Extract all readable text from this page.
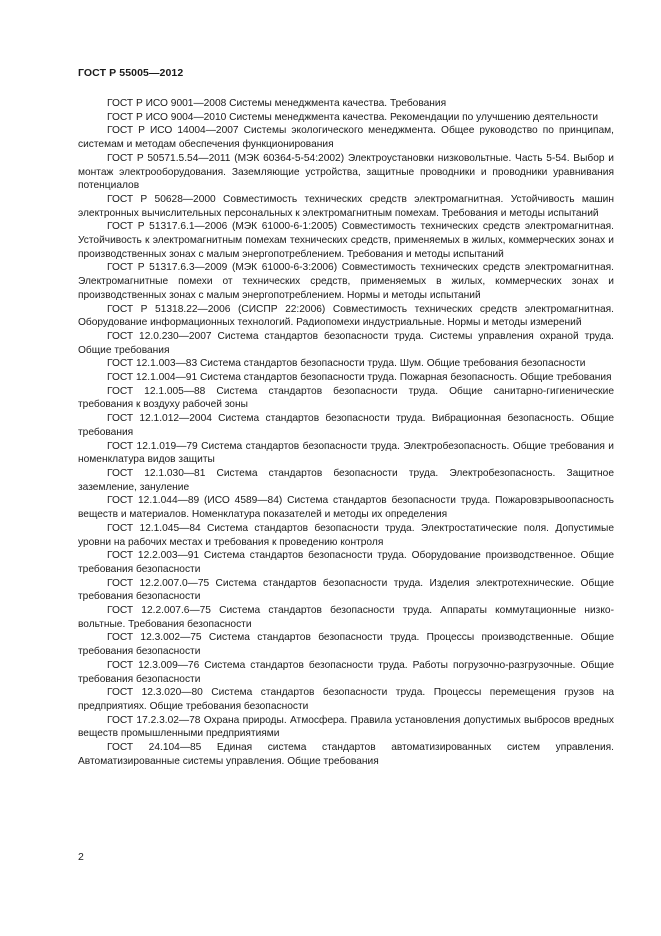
ГОСТ Р 55005—2012

ГОСТ Р ИСО 9001—2008 Системы менеджмента качества. Требования

ГОСТ Р ИСО 9004—2010 Системы менеджмента качества. Рекомендации по улучшению деятельности

ГОСТ Р ИСО 14004—2007 Системы экологического менеджмента. Общее руководство по принципам, системам и методам обеспечения функционирования

ГОСТ Р 50571.5.54—2011 (МЭК 60364-5-54:2002) Электроустановки низковольтные. Часть 5-54. Выбор и монтаж электрооборудования. Заземляющие устройства, защитные проводники и проводники уравнивания потенциалов

ГОСТ Р 50628—2000 Совместимость технических средств электромагнитная. Устойчивость машин электронных вычислительных персональных к электромагнитным помехам. Требования и методы испытаний

ГОСТ Р 51317.6.1—2006 (МЭК 61000-6-1:2005) Совместимость технических средств электромагнитная. Устойчивость к электромагнитным помехам технических средств, применяемых в жилых, коммерческих зонах и производственных зонах с малым энергопотреблением. Требования и методы испытаний

ГОСТ Р 51317.6.3—2009 (МЭК 61000-6-3:2006) Совместимость технических средств электромагнитная. Электромагнитные помехи от технических средств, применяемых в жилых, коммерческих зонах и производственных зонах с малым энергопотреблением. Нормы и методы испытаний

ГОСТ Р 51318.22—2006 (СИСПР 22:2006) Совместимость технических средств электромагнитная. Оборудование информационных технологий. Радиопомехи индустриальные. Нормы и методы измерений

ГОСТ 12.0.230—2007 Система стандартов безопасности труда. Системы управления охраной труда. Общие требования

ГОСТ 12.1.003—83 Система стандартов безопасности труда. Шум. Общие требования безопасности

ГОСТ 12.1.004—91 Система стандартов безопасности труда. Пожарная безопасность. Общие требования

ГОСТ 12.1.005—88 Система стандартов безопасности труда. Общие санитарно-гигиенические требования к воздуху рабочей зоны

ГОСТ 12.1.012—2004 Система стандартов безопасности труда. Вибрационная безопасность. Общие требования

ГОСТ 12.1.019—79 Система стандартов безопасности труда. Электробезопасность. Общие требования и номенклатура видов защиты

ГОСТ 12.1.030—81 Система стандартов безопасности труда. Электробезопасность. Защитное заземление, зануление

ГОСТ 12.1.044—89 (ИСО 4589—84) Система стандартов безопасности труда. Пожаровзрывоопасность веществ и материалов. Номенклатура показателей и методы их определения

ГОСТ 12.1.045—84 Система стандартов безопасности труда. Электростатические поля. Допустимые уровни на рабочих местах и требования к проведению контроля

ГОСТ 12.2.003—91 Система стандартов безопасности труда. Оборудование производственное. Общие требования безопасности

ГОСТ 12.2.007.0—75 Система стандартов безопасности труда. Изделия электротехнические. Общие требования безопасности

ГОСТ 12.2.007.6—75 Система стандартов безопасности труда. Аппараты коммутационные низковольтные. Требования безопасности

ГОСТ 12.3.002—75 Система стандартов безопасности труда. Процессы производственные. Общие требования безопасности

ГОСТ 12.3.009—76 Система стандартов безопасности труда. Работы погрузочно-разгрузочные. Общие требования безопасности

ГОСТ 12.3.020—80 Система стандартов безопасности труда. Процессы перемещения грузов на предприятиях. Общие требования безопасности

ГОСТ 17.2.3.02—78 Охрана природы. Атмосфера. Правила установления допустимых выбросов вредных веществ промышленными предприятиями

ГОСТ 24.104—85 Единая система стандартов автоматизированных систем управления. Автоматизированные системы управления. Общие требования

2
